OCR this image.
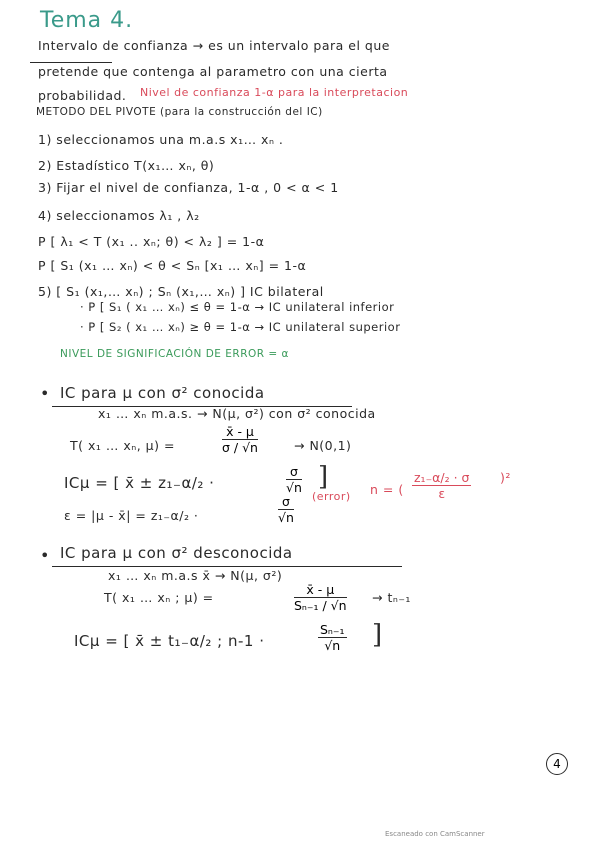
Tema 4.
Intervalo de confianza → es un intervalo para el que
pretende que contenga al parametro con una cierta
probabilidad. Nivel de confianza 1-α para la interpretacion
METODO DEL PIVOTE (para la construcción del IC)
1) seleccionamos una m.a.s x₁… xₙ .
2) Estadístico T(x₁… xₙ, θ)
3) Fijar el nivel de confianza, 1-α , 0 < α < 1
4) seleccionamos λ₁ , λ₂
P [ λ₁ < T (x₁ .. xₙ; θ) < λ₂ ] = 1-α
P [ S₁ (x₁ … xₙ) < θ < Sₙ [x₁ … xₙ] = 1-α
5) [ S₁ (x₁,… xₙ) ; Sₙ (x₁,… xₙ) ] IC bilateral
· P [ S₁ ( x₁ … xₙ) ≤ θ = 1-α → IC unilateral inferior
· P [ S₂ ( x₁ … xₙ) ≥ θ = 1-α → IC unilateral superior
NIVEL DE SIGNIFICACIÓN DE ERROR = α
• IC para μ con σ² conocida
x₁ … xₙ m.a.s. → N(μ, σ²) con σ² conocida
T( x₁ … xₙ, μ) =	$\frac{x̄ - \mu}{\sigma / √n}$	→ N(0,1)
ICμ = [ x̄ ± z₁₋α/₂ ·	$\frac{\sigma}{√n}$ ]
ε = |μ - x̄| = z₁₋α/₂ ·	$\frac{\sigma}{√n}$ (error) n = ( $\frac{\text{z₁₋α/₂ · σ}}{\varepsilon} )^2$
• IC para μ con σ² desconocida
x₁ … xₙ m.a.s x̄ → N(μ, σ²)
T( x₁ … xₙ ; μ) =	$\frac{x̄ - \mu}{\text{Sₙ₋₁ / √n}} \to t_{n-1}$
ICμ = [ x̄ ± t₁₋α/₂ ; n-1 ·	$\frac{\text{Sₙ₋₁}}{√n}$ ]
4
Escaneado con CamScanner
